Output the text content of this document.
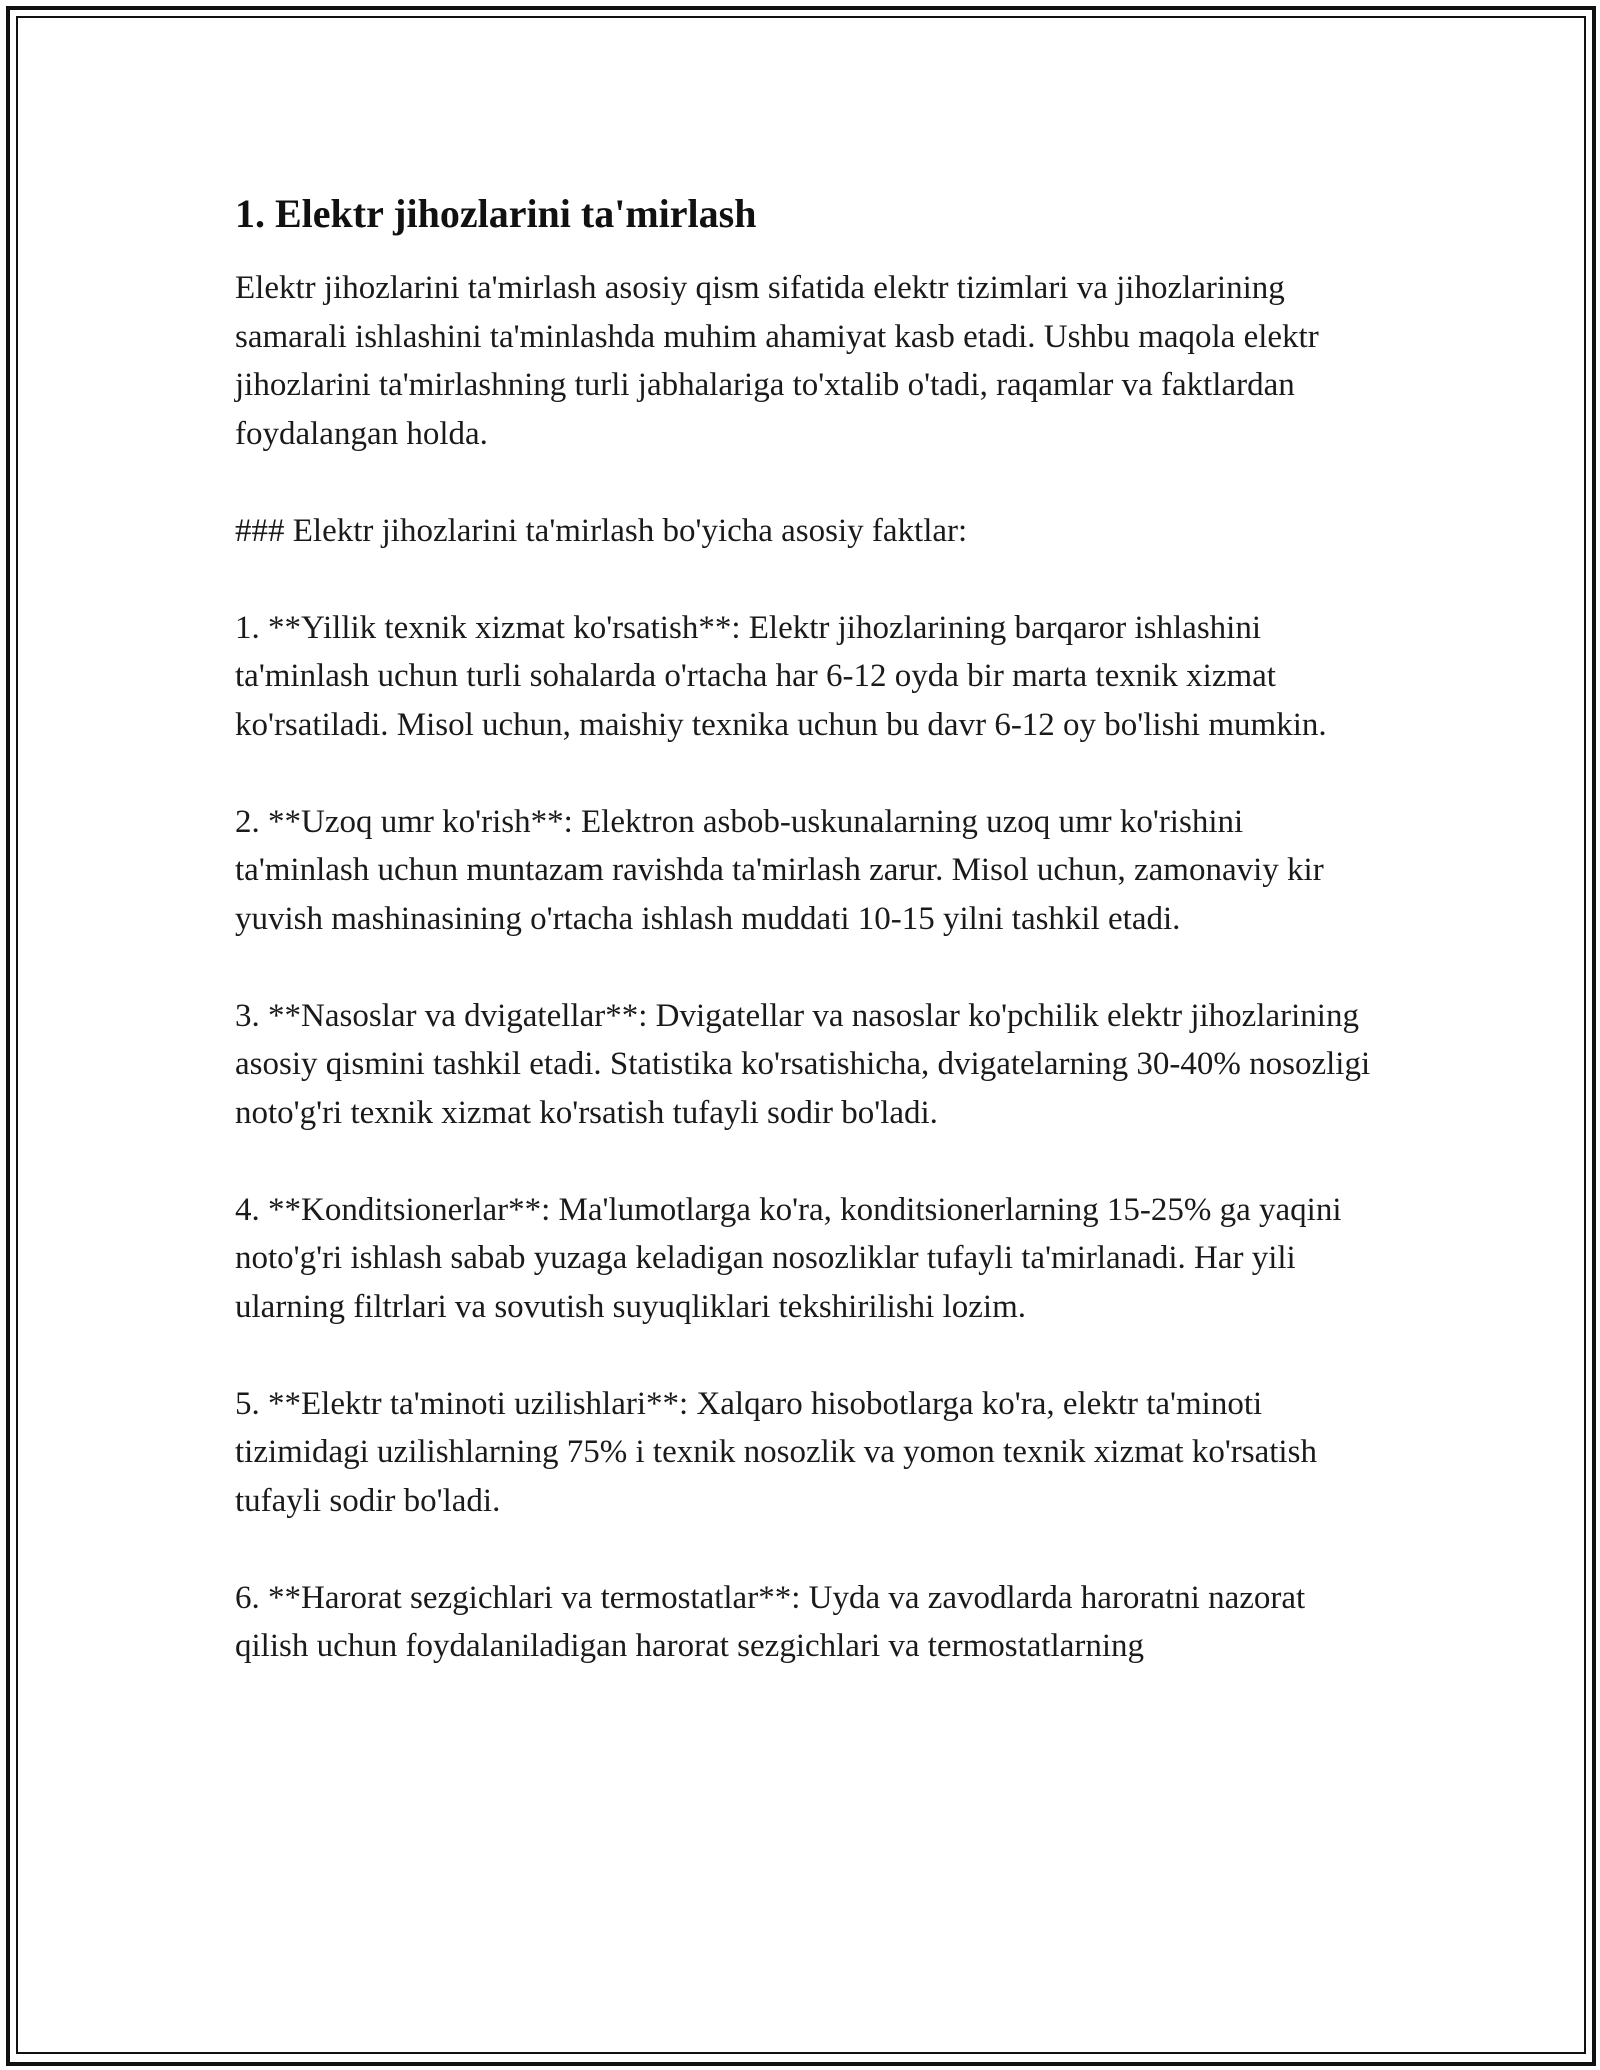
1. Elektr jihozlarini ta'mirlash

Elektr jihozlarini ta'mirlash asosiy qism sifatida elektr tizimlari va jihozlarining samarali ishlashini ta'minlashda muhim ahamiyat kasb etadi. Ushbu maqola elektr jihozlarini ta'mirlashning turli jabhalariga to'xtalib o'tadi, raqamlar va faktlardan foydalangan holda.

### Elektr jihozlarini ta'mirlash bo'yicha asosiy faktlar:

1. **Yillik texnik xizmat ko'rsatish**: Elektr jihozlarining barqaror ishlashini ta'minlash uchun turli sohalarda o'rtacha har 6-12 oyda bir marta texnik xizmat ko'rsatiladi. Misol uchun, maishiy texnika uchun bu davr 6-12 oy bo'lishi mumkin.

2. **Uzoq umr ko'rish**: Elektron asbob-uskunalarning uzoq umr ko'rishini ta'minlash uchun muntazam ravishda ta'mirlash zarur. Misol uchun, zamonaviy kir yuvish mashinasining o'rtacha ishlash muddati 10-15 yilni tashkil etadi.

3. **Nasoslar va dvigatellar**: Dvigatellar va nasoslar ko'pchilik elektr jihozlarining asosiy qismini tashkil etadi. Statistika ko'rsatishicha, dvigatelarning 30-40% nosozligi noto'g'ri texnik xizmat ko'rsatish tufayli sodir bo'ladi.

4. **Konditsionerlar**: Ma'lumotlarga ko'ra, konditsionerlarning 15-25% ga yaqini noto'g'ri ishlash sabab yuzaga keladigan nosozliklar tufayli ta'mirlanadi. Har yili ularning filtrlari va sovutish suyuqliklari tekshirilishi lozim.

5. **Elektr ta'minoti uzilishlari**: Xalqaro hisobotlarga ko'ra, elektr ta'minoti tizimidagi uzilishlarning 75% i texnik nosozlik va yomon texnik xizmat ko'rsatish tufayli sodir bo'ladi.

6. **Harorat sezgichlari va termostatlar**: Uyda va zavodlarda haroratni nazorat qilish uchun foydalaniladigan harorat sezgichlari va termostatlarning
